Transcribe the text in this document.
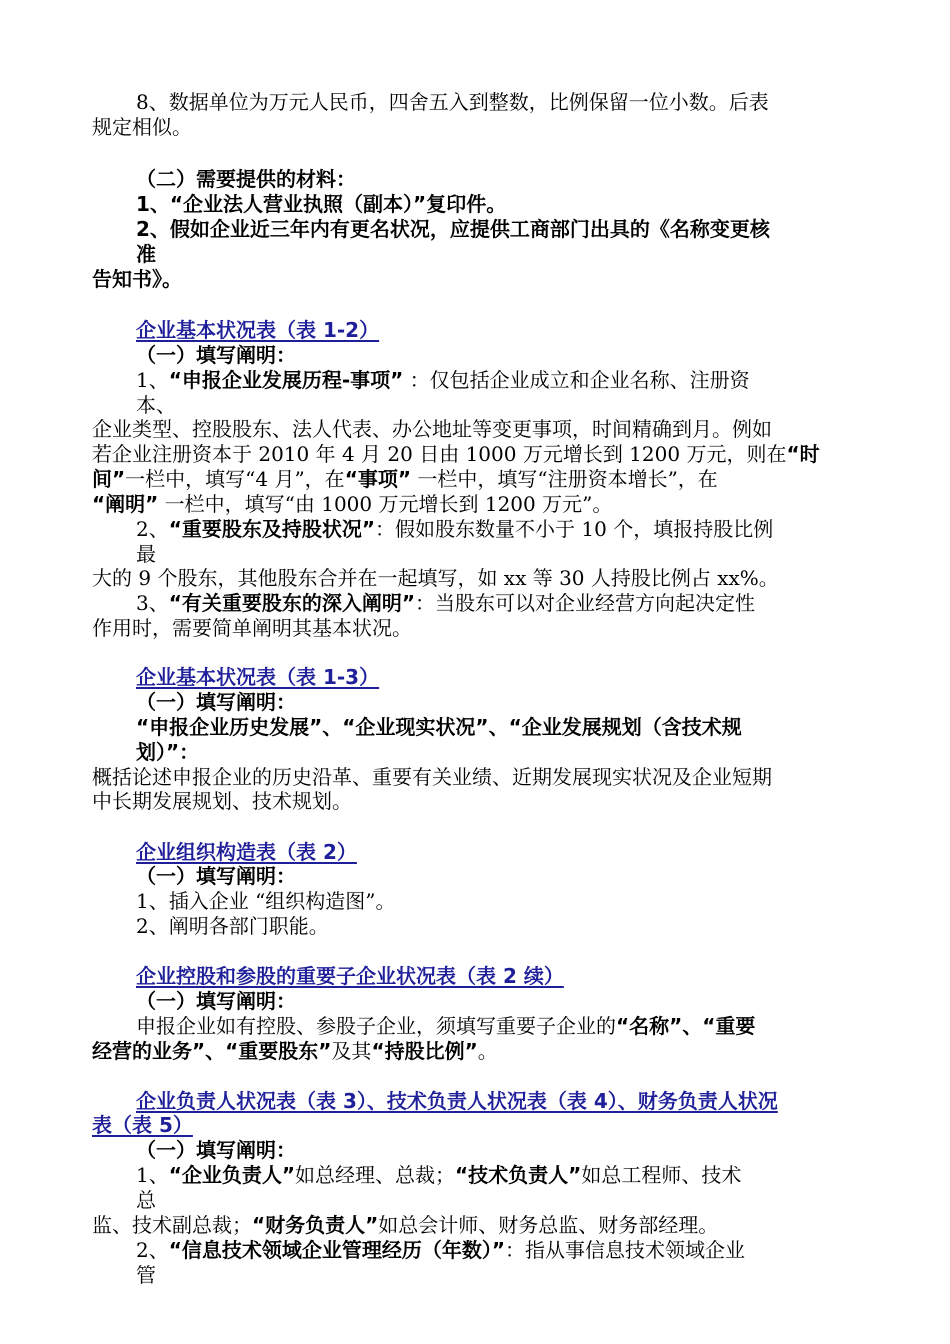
8、数据单位为万元人民币，四舍五入到整数，比例保留一位小数。后表
规定相似。
（二）需要提供的材料：
1、“企业法人营业执照（副本）”复印件。
2、假如企业近三年内有更名状况，应提供工商部门出具的《名称变更核
准
告知书》。
企业基本状况表（表 1-2）
（一）填写阐明：
1、“申报企业发展历程-事项” ：仅包括企业成立和企业名称、注册资
本、
企业类型、控股股东、法人代表、办公地址等变更事项，时间精确到月。例如
若企业注册资本于 2010 年 4 月 20 日由 1000 万元增长到 1200 万元，则在“时
间”一栏中，填写“4 月”，在“事项” 一栏中，填写“注册资本增长”，在
“阐明” 一栏中，填写“由 1000 万元增长到 1200 万元”。
2、“重要股东及持股状况”：假如股东数量不小于 10 个，填报持股比例
最
大的 9 个股东，其他股东合并在一起填写，如 xx 等 30 人持股比例占 xx%。
3、“有关重要股东的深入阐明”：当股东可以对企业经营方向起决定性
作用时，需要简单阐明其基本状况。
企业基本状况表（表 1-3）
（一）填写阐明：
“申报企业历史发展”、“企业现实状况”、“企业发展规划（含技术规
划）”：
概括论述申报企业的历史沿革、重要有关业绩、近期发展现实状况及企业短期
中长期发展规划、技术规划。
企业组织构造表（表 2）
（一）填写阐明：
1、插入企业 “组织构造图”。
2、阐明各部门职能。
企业控股和参股的重要子企业状况表（表 2 续）
（一）填写阐明：
申报企业如有控股、参股子企业，须填写重要子企业的“名称”、“重要
经营的业务”、“重要股东”及其“持股比例”。
企业负责人状况表（表 3）、技术负责人状况表（表 4）、财务负责人状况
表（表 5）
（一）填写阐明：
1、“企业负责人”如总经理、总裁；“技术负责人”如总工程师、技术
总
监、技术副总裁；“财务负责人”如总会计师、财务总监、财务部经理。
2、“信息技术领域企业管理经历（年数）”：指从事信息技术领域企业
管
